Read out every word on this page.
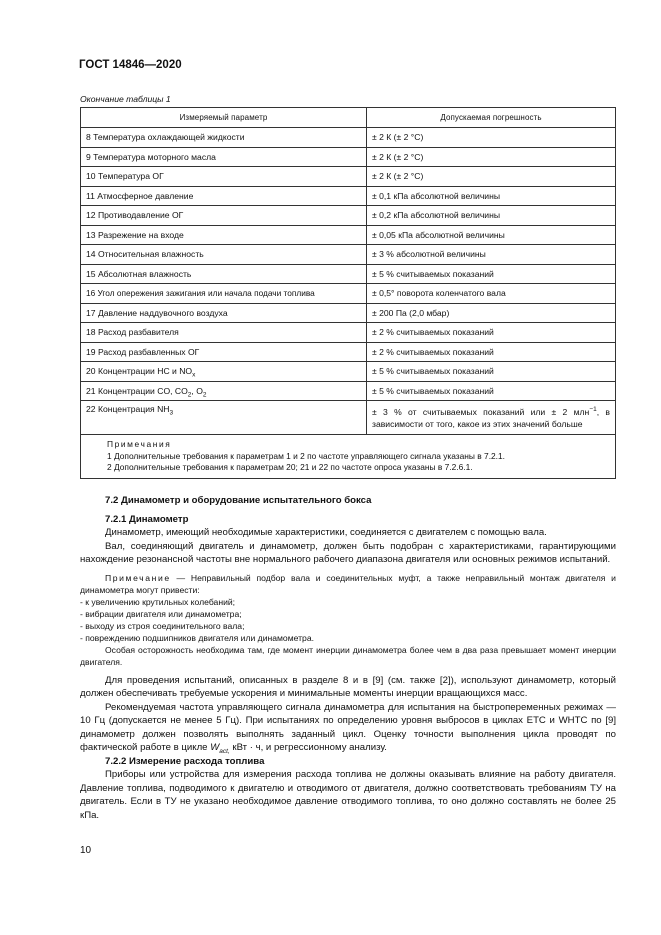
ГОСТ 14846—2020
Окончание таблицы 1
Измеряемый параметр	Допускаемая погрешность
8 Температура охлаждающей жидкости	± 2 К (± 2 °С)
9 Температура моторного масла	± 2 К (± 2 °С)
10 Температура ОГ	± 2 К (± 2 °С)
11 Атмосферное давление	± 0,1 кПа абсолютной величины
12 Противодавление ОГ	± 0,2 кПа абсолютной величины
13 Разрежение на входе	± 0,05 кПа абсолютной величины
14 Относительная влажность	± 3 % абсолютной величины
15 Абсолютная влажность	± 5 % считываемых показаний
16 Угол опережения зажигания или начала подачи топлива	± 0,5° поворота коленчатого вала
17 Давление наддувочного воздуха	± 200 Па (2,0 мбар)
18 Расход разбавителя	± 2 % считываемых показаний
19 Расход разбавленных ОГ	± 2 % считываемых показаний
20 Концентрации НС и $NO_x$	± 5 % считываемых показаний
21 Концентрации CO, $CO_2$, $O_2$	± 5 % считываемых показаний
22 Концентрация $NH_3$	± 3 % от считываемых показаний или ± 2 млн$^{-1}$, в зависимости от того, какое из этих значений больше

Примечания
1 Дополнительные требования к параметрам 1 и 2 по частоте управляющего сигнала указаны в 7.2.1.
2 Дополнительные требования к параметрам 20; 21 и 22 по частоте опроса указаны в 7.2.6.1.	

7.2 Динамометр и оборудование испытательного бокса

7.2.1 Динамометр

Динамометр, имеющий необходимые характеристики, соединяется с двигателем с помощью вала.

Вал, соединяющий двигатель и динамометр, должен быть подобран с характеристиками, гарантирующими нахождение резонансной частоты вне нормального рабочего диапазона двигателя или основных режимов испытаний.

Примечание — Неправильный подбор вала и соединительных муфт, а также неправильный монтаж двигателя и динамометра могут привести:

- к увеличению крутильных колебаний;
- вибрации двигателя или динамометра;
- выходу из строя соединительного вала;
- повреждению подшипников двигателя или динамометра.

Особая осторожность необходима там, где момент инерции динамометра более чем в два раза превышает момент инерции двигателя.

Для проведения испытаний, описанных в разделе 8 и в [9] (см. также [2]), используют динамометр, который должен обеспечивать требуемые ускорения и минимальные моменты инерции вращающихся масс.

Рекомендуемая частота управляющего сигнала динамометра для испытания на быстропеременных режимах — 10 Гц (допускается не менее 5 Гц). При испытаниях по определению уровня выбросов в циклах ETC и WHTC по [9] динамометр должен позволять выполнять заданный цикл. Оценку точности выполнения цикла проводят по фактической работе в цикле $W_{act,}$ кВт · ч, и регрессионному анализу.

7.2.2 Измерение расхода топлива

Приборы или устройства для измерения расхода топлива не должны оказывать влияние на работу двигателя. Давление топлива, подводимого к двигателю и отводимого от двигателя, должно соответствовать требованиям ТУ на двигатель. Если в ТУ не указано необходимое давление отводимого топлива, то оно должно составлять не более 25 кПа.

10
